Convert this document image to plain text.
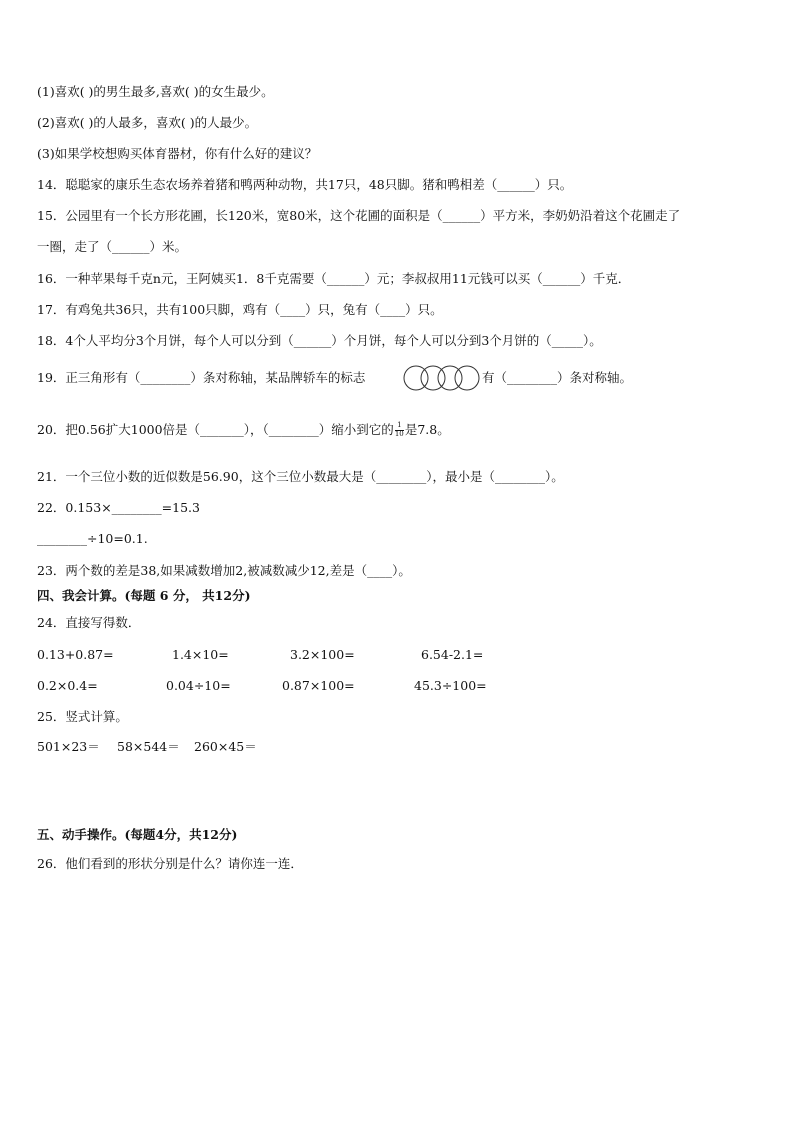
(1)喜欢( )的男生最多,喜欢( )的女生最少。
(2)喜欢( )的人最多，喜欢( )的人最少。
(3)如果学校想购买体育器材，你有什么好的建议？
14．聪聪家的康乐生态农场养着猪和鸭两种动物，共17只，48只脚。猪和鸭相差（______）只。
15．公园里有一个长方形花圃，长120米，宽80米，这个花圃的面积是（______）平方米，李奶奶沿着这个花圃走了
一圈，走了（______）米。
16．一种苹果每千克n元，王阿姨买1．8千克需要（______）元；李叔叔用11元钱可以买（______）千克．
17．有鸡兔共36只，共有100只脚，鸡有（____）只，兔有（____）只。
18．4个人平均分3个月饼，每个人可以分到（______）个月饼，每个人可以分到3个月饼的（_____）。
19．正三角形有（________）条对称轴，某品牌轿车的标志	有（________）条对称轴。
20．把0.56扩大1000倍是（_______），（________）缩小到它的 $\frac{1}{10}$ 是7.8。
21．一个三位小数的近似数是56.90，这个三位小数最大是（________），最小是（________）。
22．0.153×________=15.3
________÷10=0.1.
23．两个数的差是38,如果减数增加2,被减数减少12,差是（____）。
四、我会计算。(每题 6 分， 共12分)
24．直接写得数．
0.13+0.87=	1.4×10=	3.2×100=	6.54-2.1=
0.2×0.4=	0.04÷10=	0.87×100=	45.3÷100=
25．竖式计算。
501×23＝ 58×544＝ 260×45＝
五、动手操作。(每题4分，共12分)
26．他们看到的形状分别是什么？请你连一连．
